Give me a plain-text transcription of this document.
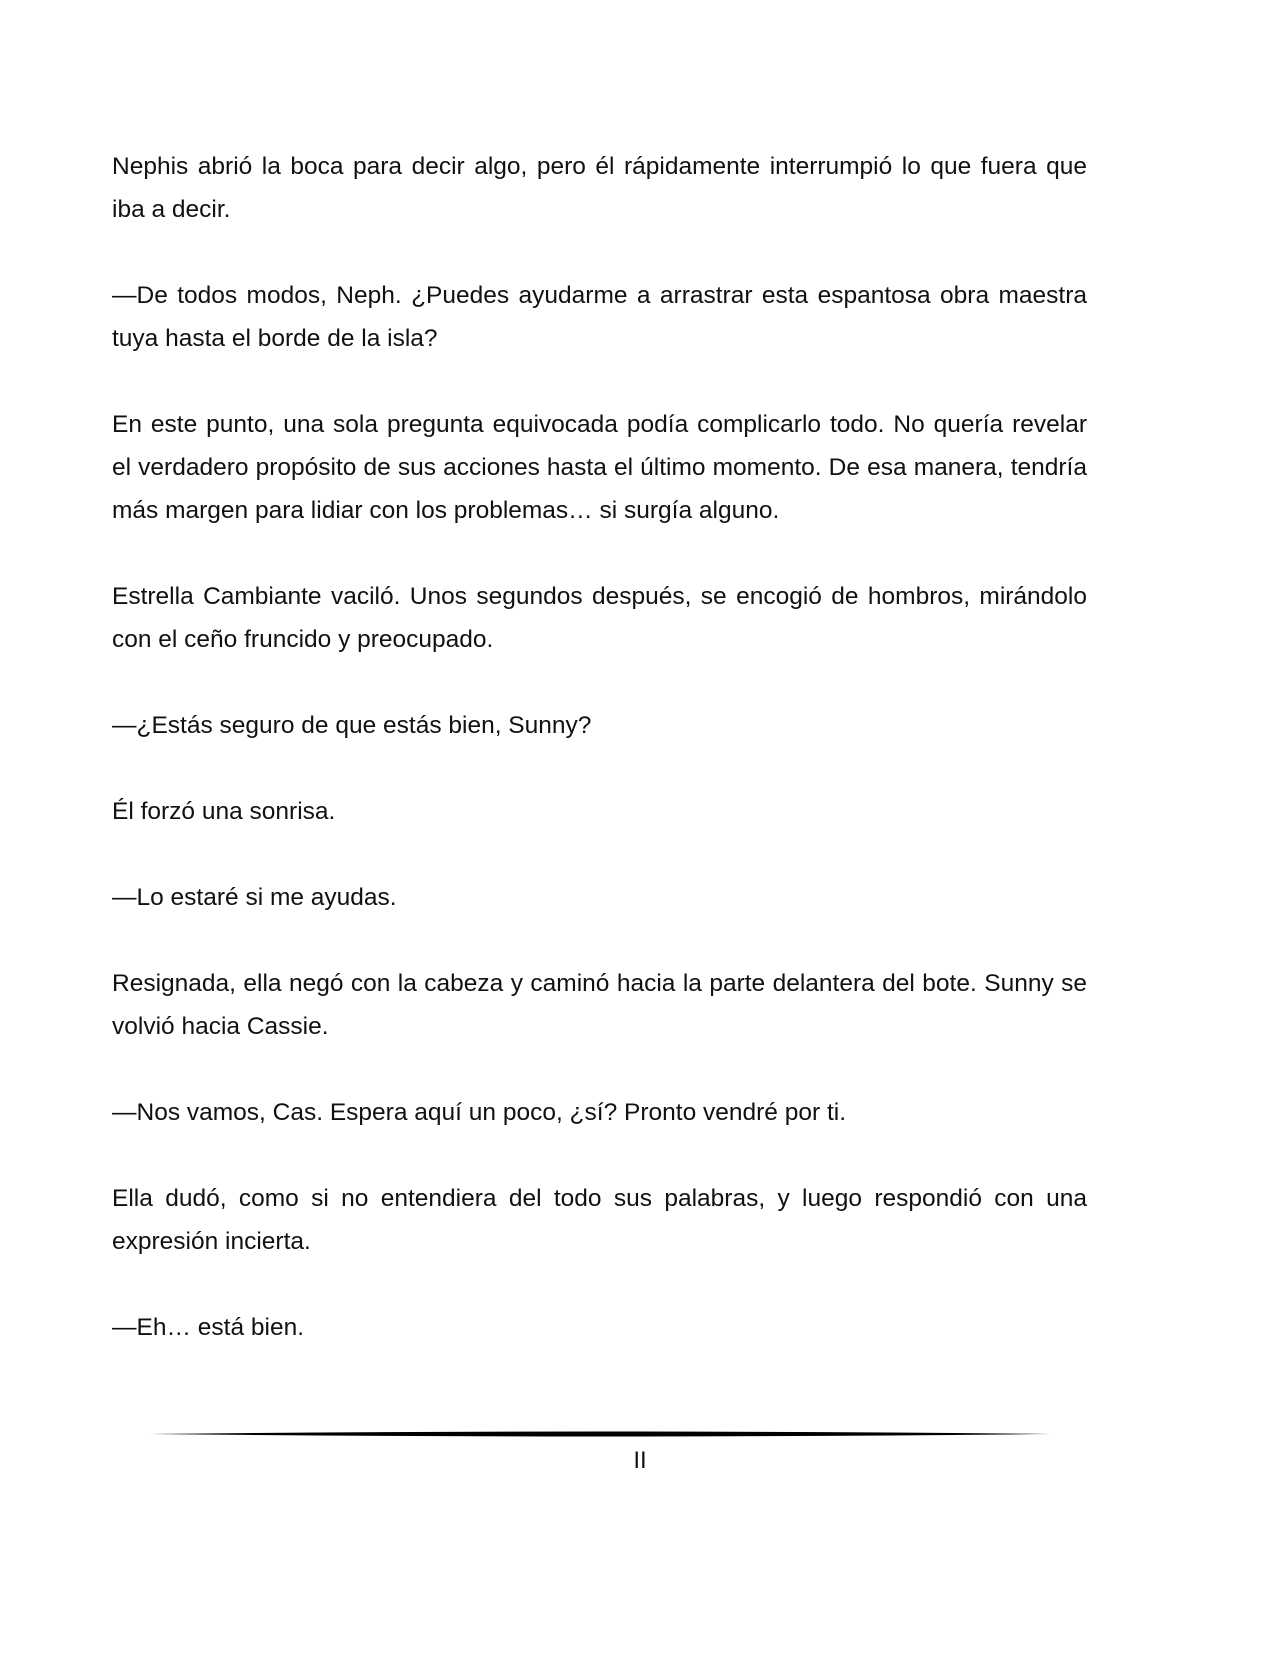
Nephis abrió la boca para decir algo, pero él rápidamente interrumpió lo que fuera que iba a decir.

—De todos modos, Neph. ¿Puedes ayudarme a arrastrar esta espantosa obra maestra tuya hasta el borde de la isla?

En este punto, una sola pregunta equivocada podía complicarlo todo. No quería revelar el verdadero propósito de sus acciones hasta el último momento. De esa manera, tendría más margen para lidiar con los problemas… si surgía alguno.

Estrella Cambiante vaciló. Unos segundos después, se encogió de hombros, mirándolo con el ceño fruncido y preocupado.

—¿Estás seguro de que estás bien, Sunny?

Él forzó una sonrisa.

—Lo estaré si me ayudas.

Resignada, ella negó con la cabeza y caminó hacia la parte delantera del bote. Sunny se volvió hacia Cassie.

—Nos vamos, Cas. Espera aquí un poco, ¿sí? Pronto vendré por ti.

Ella dudó, como si no entendiera del todo sus palabras, y luego respondió con una expresión incierta.

—Eh… está bien.

II
